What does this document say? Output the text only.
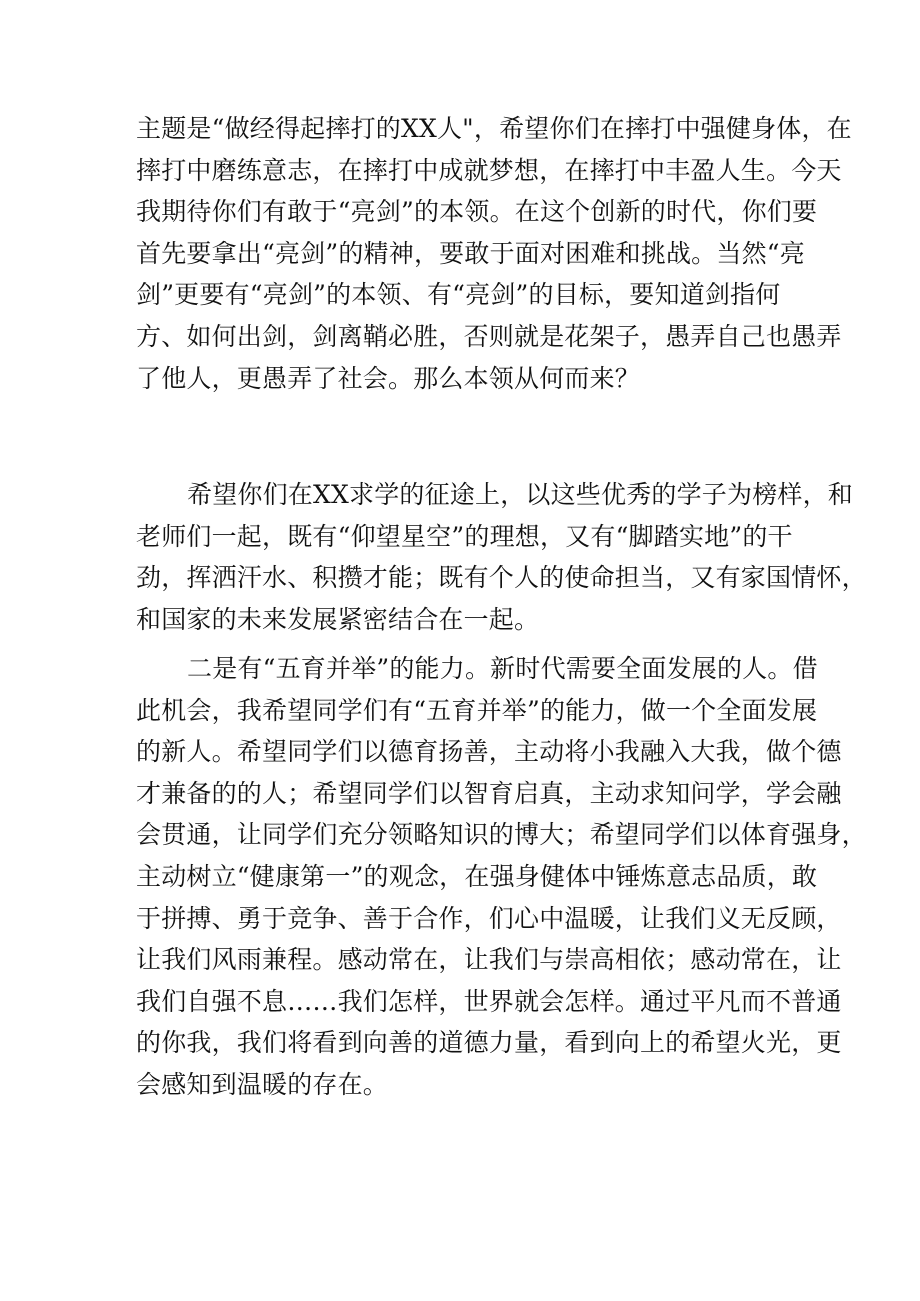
主题是“做经得起摔打的XX人"，希望你们在摔打中强健身体，在
摔打中磨练意志，在摔打中成就梦想，在摔打中丰盈人生。今天
我期待你们有敢于“亮剑”的本领。在这个创新的时代，你们要
首先要拿出“亮剑”的精神，要敢于面对困难和挑战。当然“亮
剑”更要有“亮剑”的本领、有“亮剑”的目标，要知道剑指何
方、如何出剑，剑离鞘必胜，否则就是花架子，愚弄自己也愚弄
了他人，更愚弄了社会。那么本领从何而来？
希望你们在XX求学的征途上，以这些优秀的学子为榜样，和
老师们一起，既有“仰望星空”的理想，又有“脚踏实地”的干
劲，挥洒汗水、积攒才能；既有个人的使命担当，又有家国情怀，
和国家的未来发展紧密结合在一起。
二是有“五育并举”的能力。新时代需要全面发展的人。借
此机会，我希望同学们有“五育并举”的能力，做一个全面发展
的新人。希望同学们以德育扬善，主动将小我融入大我，做个德
才兼备的的人；希望同学们以智育启真，主动求知问学，学会融
会贯通，让同学们充分领略知识的博大；希望同学们以体育强身，
主动树立“健康第一”的观念，在强身健体中锤炼意志品质，敢
于拼搏、勇于竞争、善于合作，们心中温暖，让我们义无反顾，
让我们风雨兼程。感动常在，让我们与崇高相依；感动常在，让
我们自强不息……我们怎样，世界就会怎样。通过平凡而不普通
的你我，我们将看到向善的道德力量，看到向上的希望火光，更
会感知到温暖的存在。
